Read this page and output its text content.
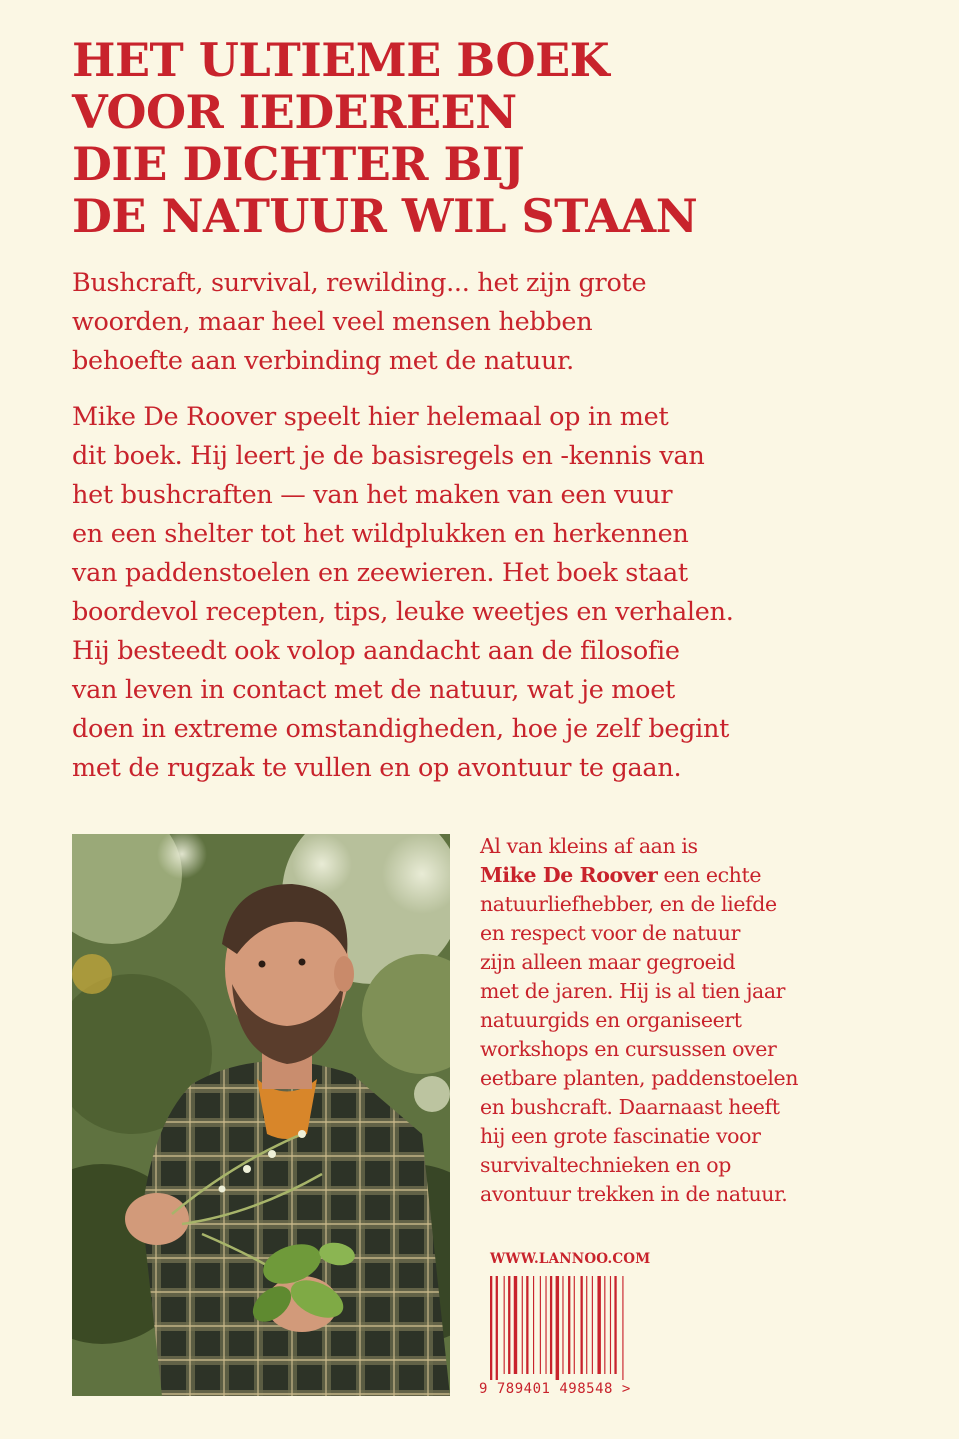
HET ULTIEME BOEK
VOOR IEDEREEN
DIE DICHTER BIJ
DE NATUUR WIL STAAN

Bushcraft, survival, rewilding... het zijn grote
woorden, maar heel veel mensen hebben
behoefte aan verbinding met de natuur.

Mike De Roover speelt hier helemaal op in met
dit boek. Hij leert je de basisregels en -kennis van
het bushcraften — van het maken van een vuur
en een shelter tot het wildplukken en herkennen
van paddenstoelen en zeewieren. Het boek staat
boordevol recepten, tips, leuke weetjes en verhalen.
Hij besteedt ook volop aandacht aan de filosofie
van leven in contact met de natuur, wat je moet
doen in extreme omstandigheden, hoe je zelf begint
met de rugzak te vullen en op avontuur te gaan.

Al van kleins af aan is
Mike De Roover een echte
natuurliefhebber, en de liefde
en respect voor de natuur
zijn alleen maar gegroeid
met de jaren. Hij is al tien jaar
natuurgids en organiseert
workshops en cursussen over
eetbare planten, paddenstoelen
en bushcraft. Daarnaast heeft
hij een grote fascinatie voor
survivaltechnieken en op
avontuur trekken in de natuur.

WWW.LANNOO.COM
9 789401 498548 >
